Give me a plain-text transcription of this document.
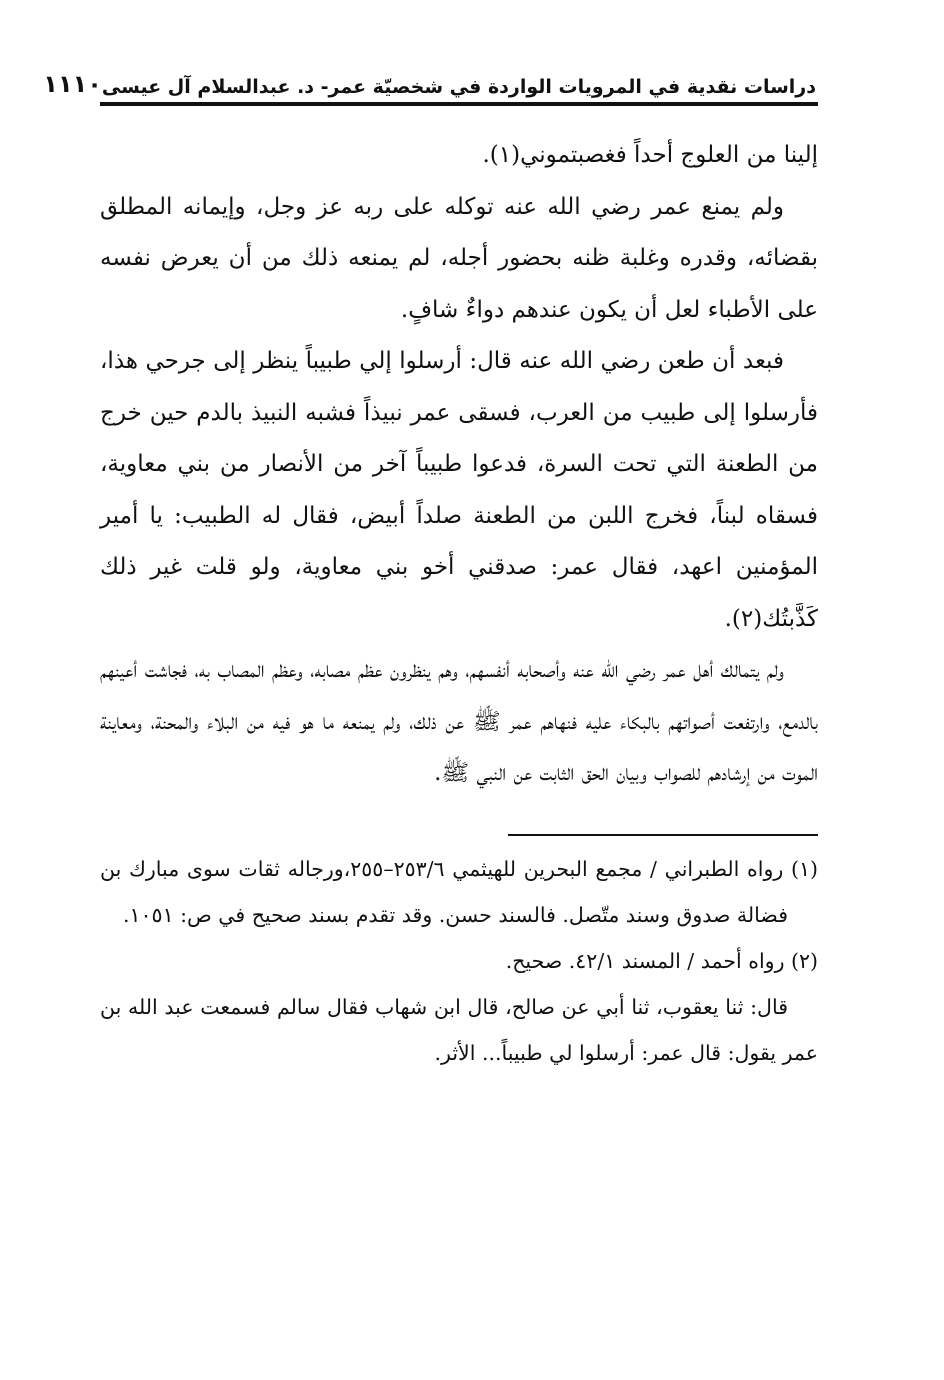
دراسات نقدية في المرويات الواردة في شخصيّة عمر- د. عبدالسلام آل عيسى
١١١٠

إلينا من العلوج أحداً فغصبتموني(١).

ولم يمنع عمر رضي الله عنه توكله على ربه عز وجل، وإيمانه المطلق بقضائه، وقدره وغلبة ظنه بحضور أجله، لم يمنعه ذلك من أن يعرض نفسه على الأطباء لعل أن يكون عندهم دواءٌ شافٍ.

فبعد أن طعن رضي الله عنه قال: أرسلوا إلي طبيباً ينظر إلى جرحي هذا، فأرسلوا إلى طبيب من العرب، فسقى عمر نبيذاً فشبه النبيذ بالدم حين خرج من الطعنة التي تحت السرة، فدعوا طبيباً آخر من الأنصار من بني معاوية، فسقاه لبناً، فخرج اللبن من الطعنة صلداً أبيض، فقال له الطبيب: يا أمير المؤمنين اعهد، فقال عمر: صدقني أخو بني معاوية، ولو قلت غير ذلك كَذَّبتُك(٢).

ولم يتمالك أهل عمر رضي الله عنه وأصحابه أنفسهم، وهم ينظرون عظم مصابه، وعظم المصاب به، فجاشت أعينهم بالدمع، وارتفعت أصواتهم بالبكاء عليه فنهاهم عمر ﷺ عن ذلك، ولم يمنعه ما هو فيه من البلاء والمحنة، ومعاينة الموت من إرشادهم للصواب وبيان الحق الثابت عن النبي ﷺ.

(١) رواه الطبراني / مجمع البحرين للهيثمي ٢٥٣/٦–٢٥٥،ورجاله ثقات سوى مبارك بن فضالة صدوق وسند متّصل. فالسند حسن. وقد تقدم بسند صحيح في ص: ١٠٥١.

(٢) رواه أحمد / المسند ٤٢/١. صحيح.

قال: ثنا يعقوب، ثنا أبي عن صالح، قال ابن شهاب فقال سالم فسمعت عبد الله بن عمر يقول: قال عمر: أرسلوا لي طبيباً... الأثر.
